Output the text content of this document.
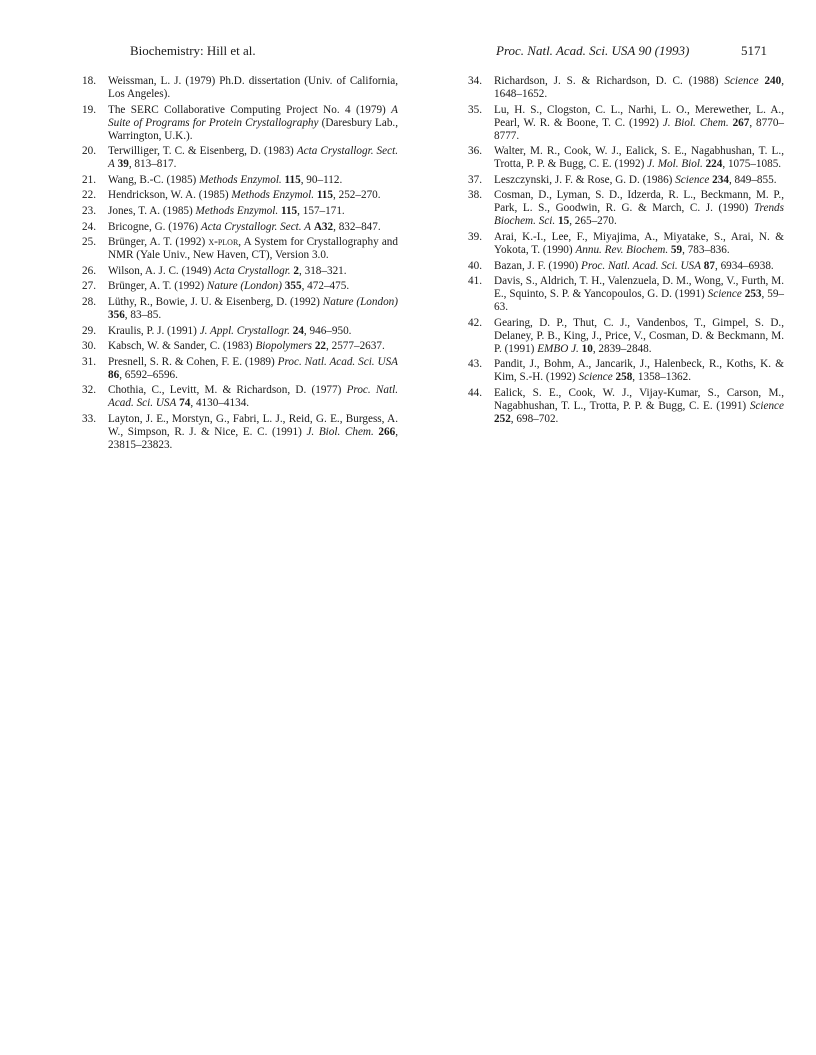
Biochemistry: Hill et al.	Proc. Natl. Acad. Sci. USA 90 (1993)	5171

18.	Weissman, L. J. (1979) Ph.D. dissertation (Univ. of California, Los Angeles).

19.	The SERC Collaborative Computing Project No. 4 (1979) A Suite of Programs for Protein Crystallography (Daresbury Lab., Warrington, U.K.).

20.	Terwilliger, T. C. & Eisenberg, D. (1983) Acta Crystallogr. Sect. A 39, 813–817.

21.	Wang, B.-C. (1985) Methods Enzymol. 115, 90–112.

22.	Hendrickson, W. A. (1985) Methods Enzymol. 115, 252–270.

23.	Jones, T. A. (1985) Methods Enzymol. 115, 157–171.

24.	Bricogne, G. (1976) Acta Crystallogr. Sect. A A32, 832–847.

25.	Brünger, A. T. (1992) x-plor, A System for Crystallography and NMR (Yale Univ., New Haven, CT), Version 3.0.

26.	Wilson, A. J. C. (1949) Acta Crystallogr. 2, 318–321.

27.	Brünger, A. T. (1992) Nature (London) 355, 472–475.

28.	Lüthy, R., Bowie, J. U. & Eisenberg, D. (1992) Nature (London) 356, 83–85.

29.	Kraulis, P. J. (1991) J. Appl. Crystallogr. 24, 946–950.

30.	Kabsch, W. & Sander, C. (1983) Biopolymers 22, 2577–2637.

31.	Presnell, S. R. & Cohen, F. E. (1989) Proc. Natl. Acad. Sci. USA 86, 6592–6596.

32.	Chothia, C., Levitt, M. & Richardson, D. (1977) Proc. Natl. Acad. Sci. USA 74, 4130–4134.

33.	Layton, J. E., Morstyn, G., Fabri, L. J., Reid, G. E., Burgess, A. W., Simpson, R. J. & Nice, E. C. (1991) J. Biol. Chem. 266, 23815–23823.

34.	Richardson, J. S. & Richardson, D. C. (1988) Science 240, 1648–1652.

35.	Lu, H. S., Clogston, C. L., Narhi, L. O., Merewether, L. A., Pearl, W. R. & Boone, T. C. (1992) J. Biol. Chem. 267, 8770–8777.

36.	Walter, M. R., Cook, W. J., Ealick, S. E., Nagabhushan, T. L., Trotta, P. P. & Bugg, C. E. (1992) J. Mol. Biol. 224, 1075–1085.

37.	Leszczynski, J. F. & Rose, G. D. (1986) Science 234, 849–855.

38.	Cosman, D., Lyman, S. D., Idzerda, R. L., Beckmann, M. P., Park, L. S., Goodwin, R. G. & March, C. J. (1990) Trends Biochem. Sci. 15, 265–270.

39.	Arai, K.-I., Lee, F., Miyajima, A., Miyatake, S., Arai, N. & Yokota, T. (1990) Annu. Rev. Biochem. 59, 783–836.

40.	Bazan, J. F. (1990) Proc. Natl. Acad. Sci. USA 87, 6934–6938.

41.	Davis, S., Aldrich, T. H., Valenzuela, D. M., Wong, V., Furth, M. E., Squinto, S. P. & Yancopoulos, G. D. (1991) Science 253, 59–63.

42.	Gearing, D. P., Thut, C. J., Vandenbos, T., Gimpel, S. D., Delaney, P. B., King, J., Price, V., Cosman, D. & Beckmann, M. P. (1991) EMBO J. 10, 2839–2848.

43.	Pandit, J., Bohm, A., Jancarik, J., Halenbeck, R., Koths, K. & Kim, S.-H. (1992) Science 258, 1358–1362.

44.	Ealick, S. E., Cook, W. J., Vijay-Kumar, S., Carson, M., Nagabhushan, T. L., Trotta, P. P. & Bugg, C. E. (1991) Science 252, 698–702.
